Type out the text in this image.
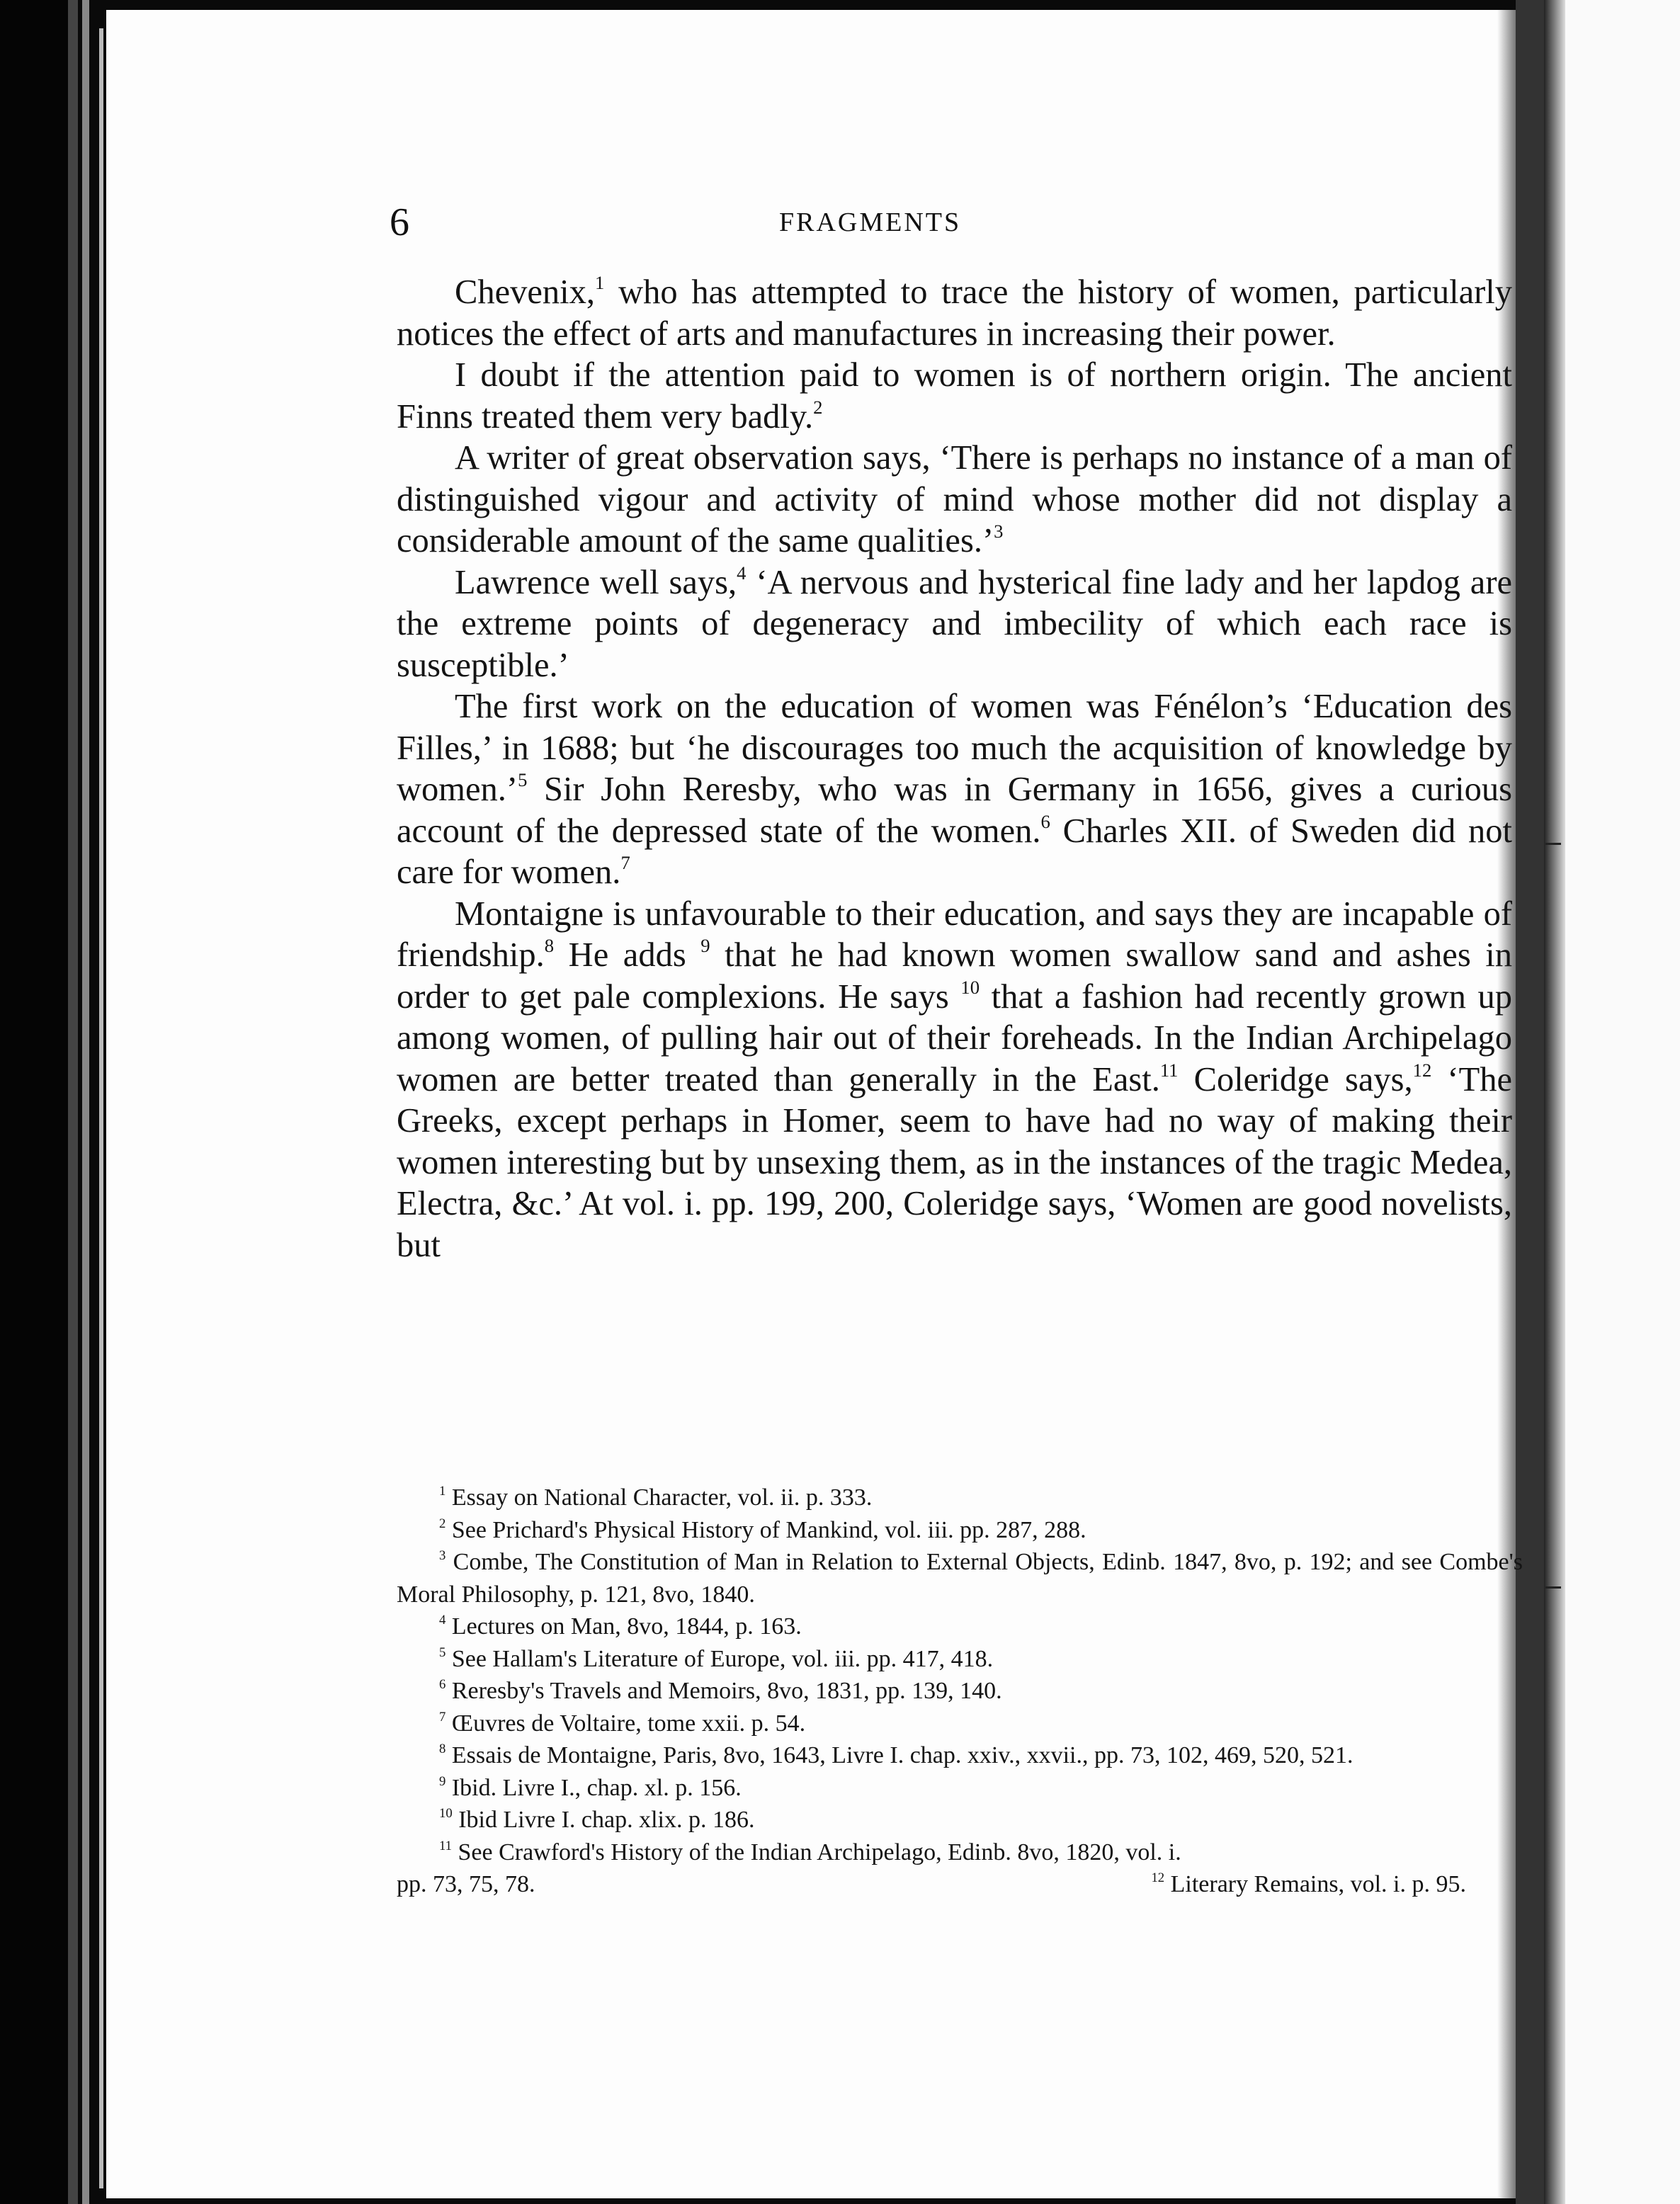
6	FRAGMENTS

Chevenix,$^1$ who has attempted to trace the history of women, particularly notices the effect of arts and manufactures in increasing their power.

I doubt if the attention paid to women is of northern origin. The ancient Finns treated them very badly.$^2$

A writer of great observation says, ‘There is perhaps no instance of a man of distinguished vigour and activity of mind whose mother did not display a considerable amount of the same qualities.’$^3$

Lawrence well says,$^4$ ‘A nervous and hysterical fine lady and her lapdog are the extreme points of degeneracy and imbecility of which each race is susceptible.’

The first work on the education of women was Fénélon’s ‘Education des Filles,’ in 1688; but ‘he discourages too much the acquisition of knowledge by women.’$^5$ Sir John Reresby, who was in Germany in 1656, gives a curious account of the depressed state of the women.$^6$ Charles XII. of Sweden did not care for women.$^7$

Montaigne is unfavourable to their education, and says they are incapable of friendship.$^8$ He adds $^9$ that he had known women swallow sand and ashes in order to get pale complexions. He says $^{10}$ that a fashion had recently grown up among women, of pulling hair out of their foreheads. In the Indian Archipelago women are better treated than generally in the East.$^{11}$ Coleridge says,$^{12}$ ‘The Greeks, except perhaps in Homer, seem to have had no way of making their women interesting but by unsexing them, as in the instances of the tragic Medea, Electra, &c.’ At vol. i. pp. 199, 200, Coleridge says, ‘Women are good novelists, but

$^1$ Essay on National Character, vol. ii. p. 333.

$^2$ See Prichard's Physical History of Mankind, vol. iii. pp. 287, 288.

$^3$ Combe, The Constitution of Man in Relation to External Objects, Edinb. 1847, 8vo, p. 192; and see Combe's Moral Philosophy, p. 121, 8vo, 1840.

$^4$ Lectures on Man, 8vo, 1844, p. 163.

$^5$ See Hallam's Literature of Europe, vol. iii. pp. 417, 418.

$^6$ Reresby's Travels and Memoirs, 8vo, 1831, pp. 139, 140.

$^7$ Œuvres de Voltaire, tome xxii. p. 54.

$^8$ Essais de Montaigne, Paris, 8vo, 1643, Livre I. chap. xxiv., xxvii., pp. 73, 102, 469, 520, 521.

$^9$ Ibid. Livre I., chap. xl. p. 156.

$^{10}$ Ibid Livre I. chap. xlix. p. 186.

$^{11}$ See Crawford's History of the Indian Archipelago, Edinb. 8vo, 1820, vol. i.

pp. 73, 75, 78.	$^{12}$ Literary Remains, vol. i. p. 95.
